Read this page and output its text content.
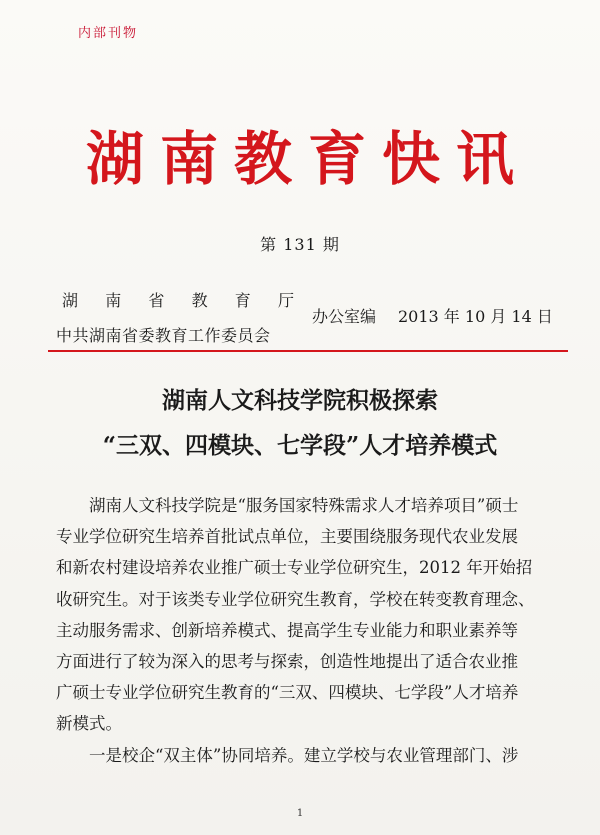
内部刊物
湖南教育快讯
第 131 期
湖 南 省 教 育 厅
中共湖南省委教育工作委员会
办公室编 2013 年 10 月 14 日
湖南人文科技学院积极探索
“三双、四模块、七学段”人才培养模式
　　湖南人文科技学院是“服务国家特殊需求人才培养项目”硕士
专业学位研究生培养首批试点单位，主要围绕服务现代农业发展
和新农村建设培养农业推广硕士专业学位研究生，2012 年开始招
收研究生。对于该类专业学位研究生教育，学校在转变教育理念、
主动服务需求、创新培养模式、提高学生专业能力和职业素养等
方面进行了较为深入的思考与探索，创造性地提出了适合农业推
广硕士专业学位研究生教育的“三双、四模块、七学段”人才培养
新模式。
　　一是校企“双主体”协同培养。建立学校与农业管理部门、涉
1
